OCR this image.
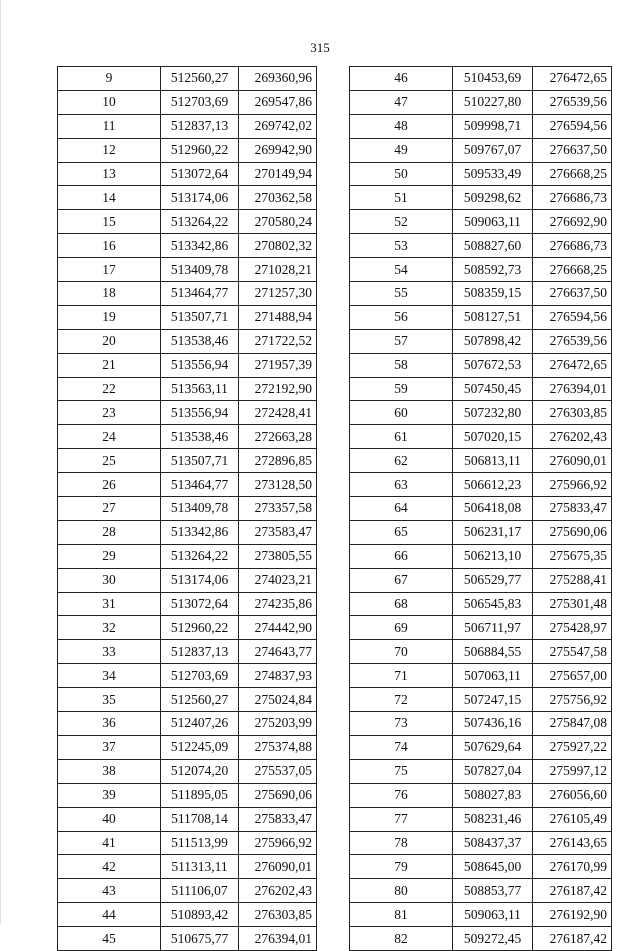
315
9	512560,27	269360,96
10	512703,69	269547,86
11	512837,13	269742,02
12	512960,22	269942,90
13	513072,64	270149,94
14	513174,06	270362,58
15	513264,22	270580,24
16	513342,86	270802,32
17	513409,78	271028,21
18	513464,77	271257,30
19	513507,71	271488,94
20	513538,46	271722,52
21	513556,94	271957,39
22	513563,11	272192,90
23	513556,94	272428,41
24	513538,46	272663,28
25	513507,71	272896,85
26	513464,77	273128,50
27	513409,78	273357,58
28	513342,86	273583,47
29	513264,22	273805,55
30	513174,06	274023,21
31	513072,64	274235,86
32	512960,22	274442,90
33	512837,13	274643,77
34	512703,69	274837,93
35	512560,27	275024,84
36	512407,26	275203,99
37	512245,09	275374,88
38	512074,20	275537,05
39	511895,05	275690,06
40	511708,14	275833,47
41	511513,99	275966,92
42	511313,11	276090,01
43	511106,07	276202,43
44	510893,42	276303,85
45	510675,77	276394,01
46	510453,69	276472,65
47	510227,80	276539,56
48	509998,71	276594,56
49	509767,07	276637,50
50	509533,49	276668,25
51	509298,62	276686,73
52	509063,11	276692,90
53	508827,60	276686,73
54	508592,73	276668,25
55	508359,15	276637,50
56	508127,51	276594,56
57	507898,42	276539,56
58	507672,53	276472,65
59	507450,45	276394,01
60	507232,80	276303,85
61	507020,15	276202,43
62	506813,11	276090,01
63	506612,23	275966,92
64	506418,08	275833,47
65	506231,17	275690,06
66	506213,10	275675,35
67	506529,77	275288,41
68	506545,83	275301,48
69	506711,97	275428,97
70	506884,55	275547,58
71	507063,11	275657,00
72	507247,15	275756,92
73	507436,16	275847,08
74	507629,64	275927,22
75	507827,04	275997,12
76	508027,83	276056,60
77	508231,46	276105,49
78	508437,37	276143,65
79	508645,00	276170,99
80	508853,77	276187,42
81	509063,11	276192,90
82	509272,45	276187,42
